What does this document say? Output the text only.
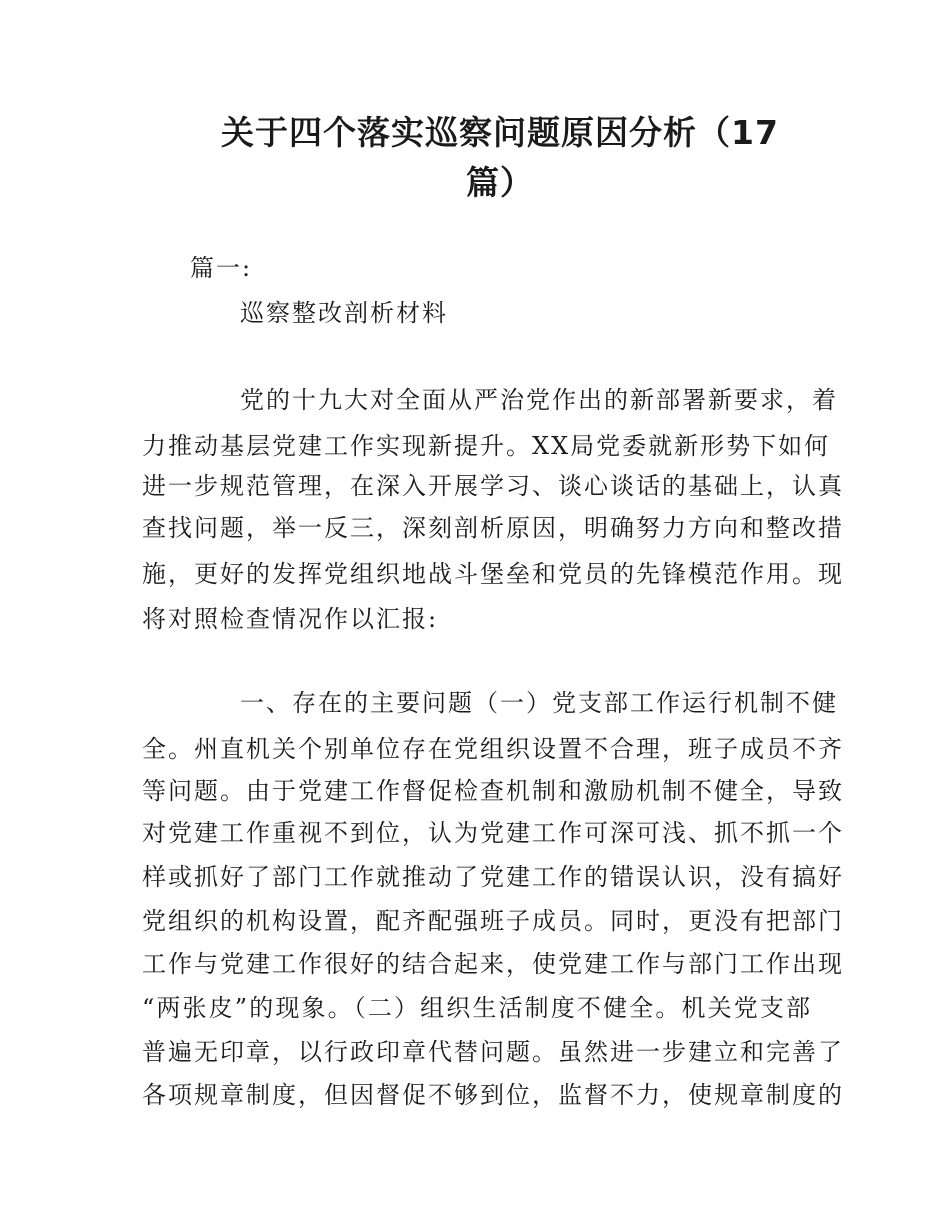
关于四个落实巡察问题原因分析（17
篇）
篇一:
巡察整改剖析材料
党的十九大对全面从严治党作出的新部署新要求，着
力推动基层党建工作实现新提升。XX局党委就新形势下如何
进一步规范管理，在深入开展学习、谈心谈话的基础上，认真
查找问题，举一反三，深刻剖析原因，明确努力方向和整改措
施，更好的发挥党组织地战斗堡垒和党员的先锋模范作用。现
将对照检查情况作以汇报:
一、存在的主要问题（一）党支部工作运行机制不健
全。州直机关个别单位存在党组织设置不合理，班子成员不齐
等问题。由于党建工作督促检查机制和激励机制不健全，导致
对党建工作重视不到位，认为党建工作可深可浅、抓不抓一个
样或抓好了部门工作就推动了党建工作的错误认识，没有搞好
党组织的机构设置，配齐配强班子成员。同时，更没有把部门
工作与党建工作很好的结合起来，使党建工作与部门工作出现
“两张皮”的现象。（二）组织生活制度不健全。机关党支部
普遍无印章，以行政印章代替问题。虽然进一步建立和完善了
各项规章制度，但因督促不够到位，监督不力，使规章制度的
